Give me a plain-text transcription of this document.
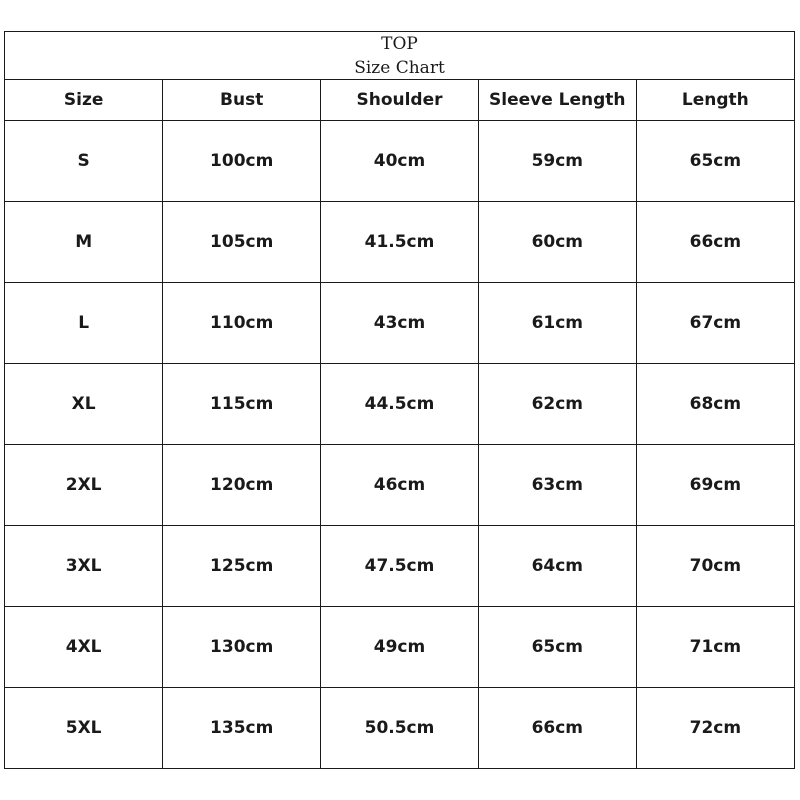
TOP
Size Chart
Size	Bust	Shoulder	Sleeve Length	Length
S	100cm	40cm	59cm	65cm
M	105cm	41.5cm	60cm	66cm
L	110cm	43cm	61cm	67cm
XL	115cm	44.5cm	62cm	68cm
2XL	120cm	46cm	63cm	69cm
3XL	125cm	47.5cm	64cm	70cm
4XL	130cm	49cm	65cm	71cm
5XL	135cm	50.5cm	66cm	72cm
